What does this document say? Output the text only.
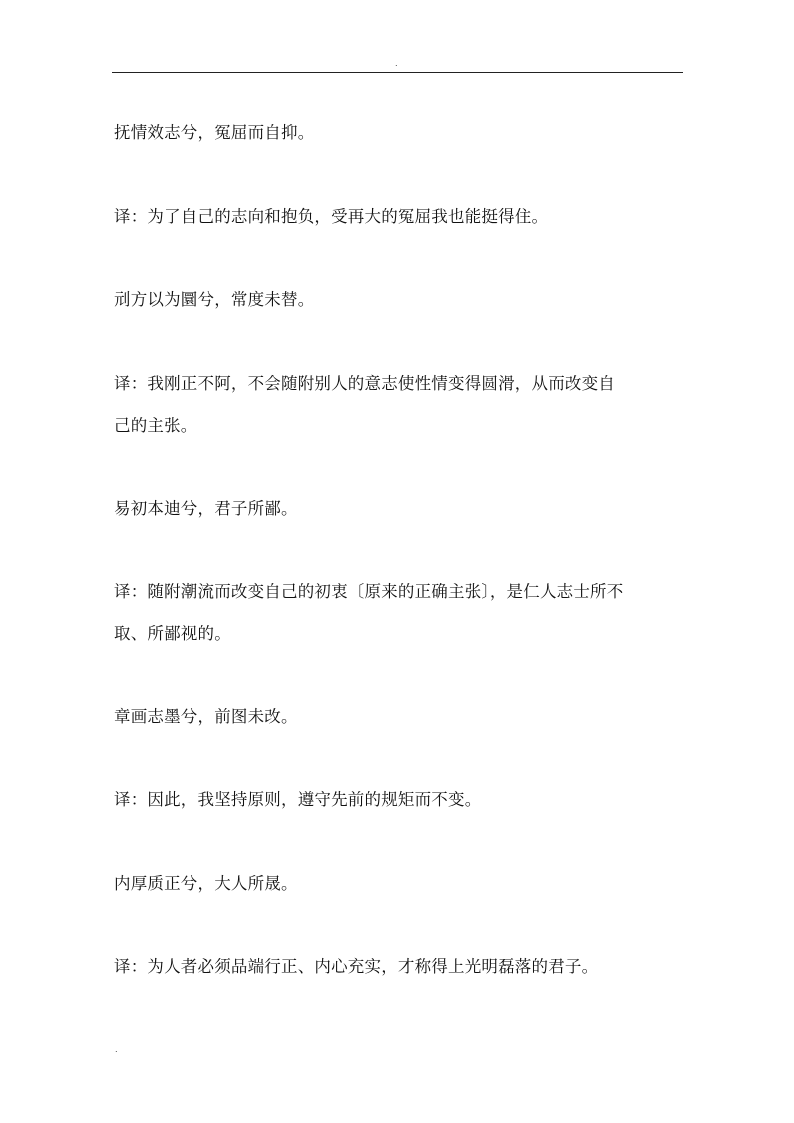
.
抚情效志兮，冤屈而自抑。
译：为了自己的志向和抱负，受再大的冤屈我也能挺得住。
刓方以为圜兮，常度未替。
译：我刚正不阿，不会随附别人的意志使性情变得圆滑，从而改变自
己的主张。
易初本迪兮，君子所鄙。
译：随附潮流而改变自己的初衷〔原来的正确主张〕，是仁人志士所不
取、所鄙视的。
章画志墨兮，前图未改。
译：因此，我坚持原则，遵守先前的规矩而不变。
内厚质正兮，大人所晟。
译：为人者必须品端行正、内心充实，才称得上光明磊落的君子。
.
